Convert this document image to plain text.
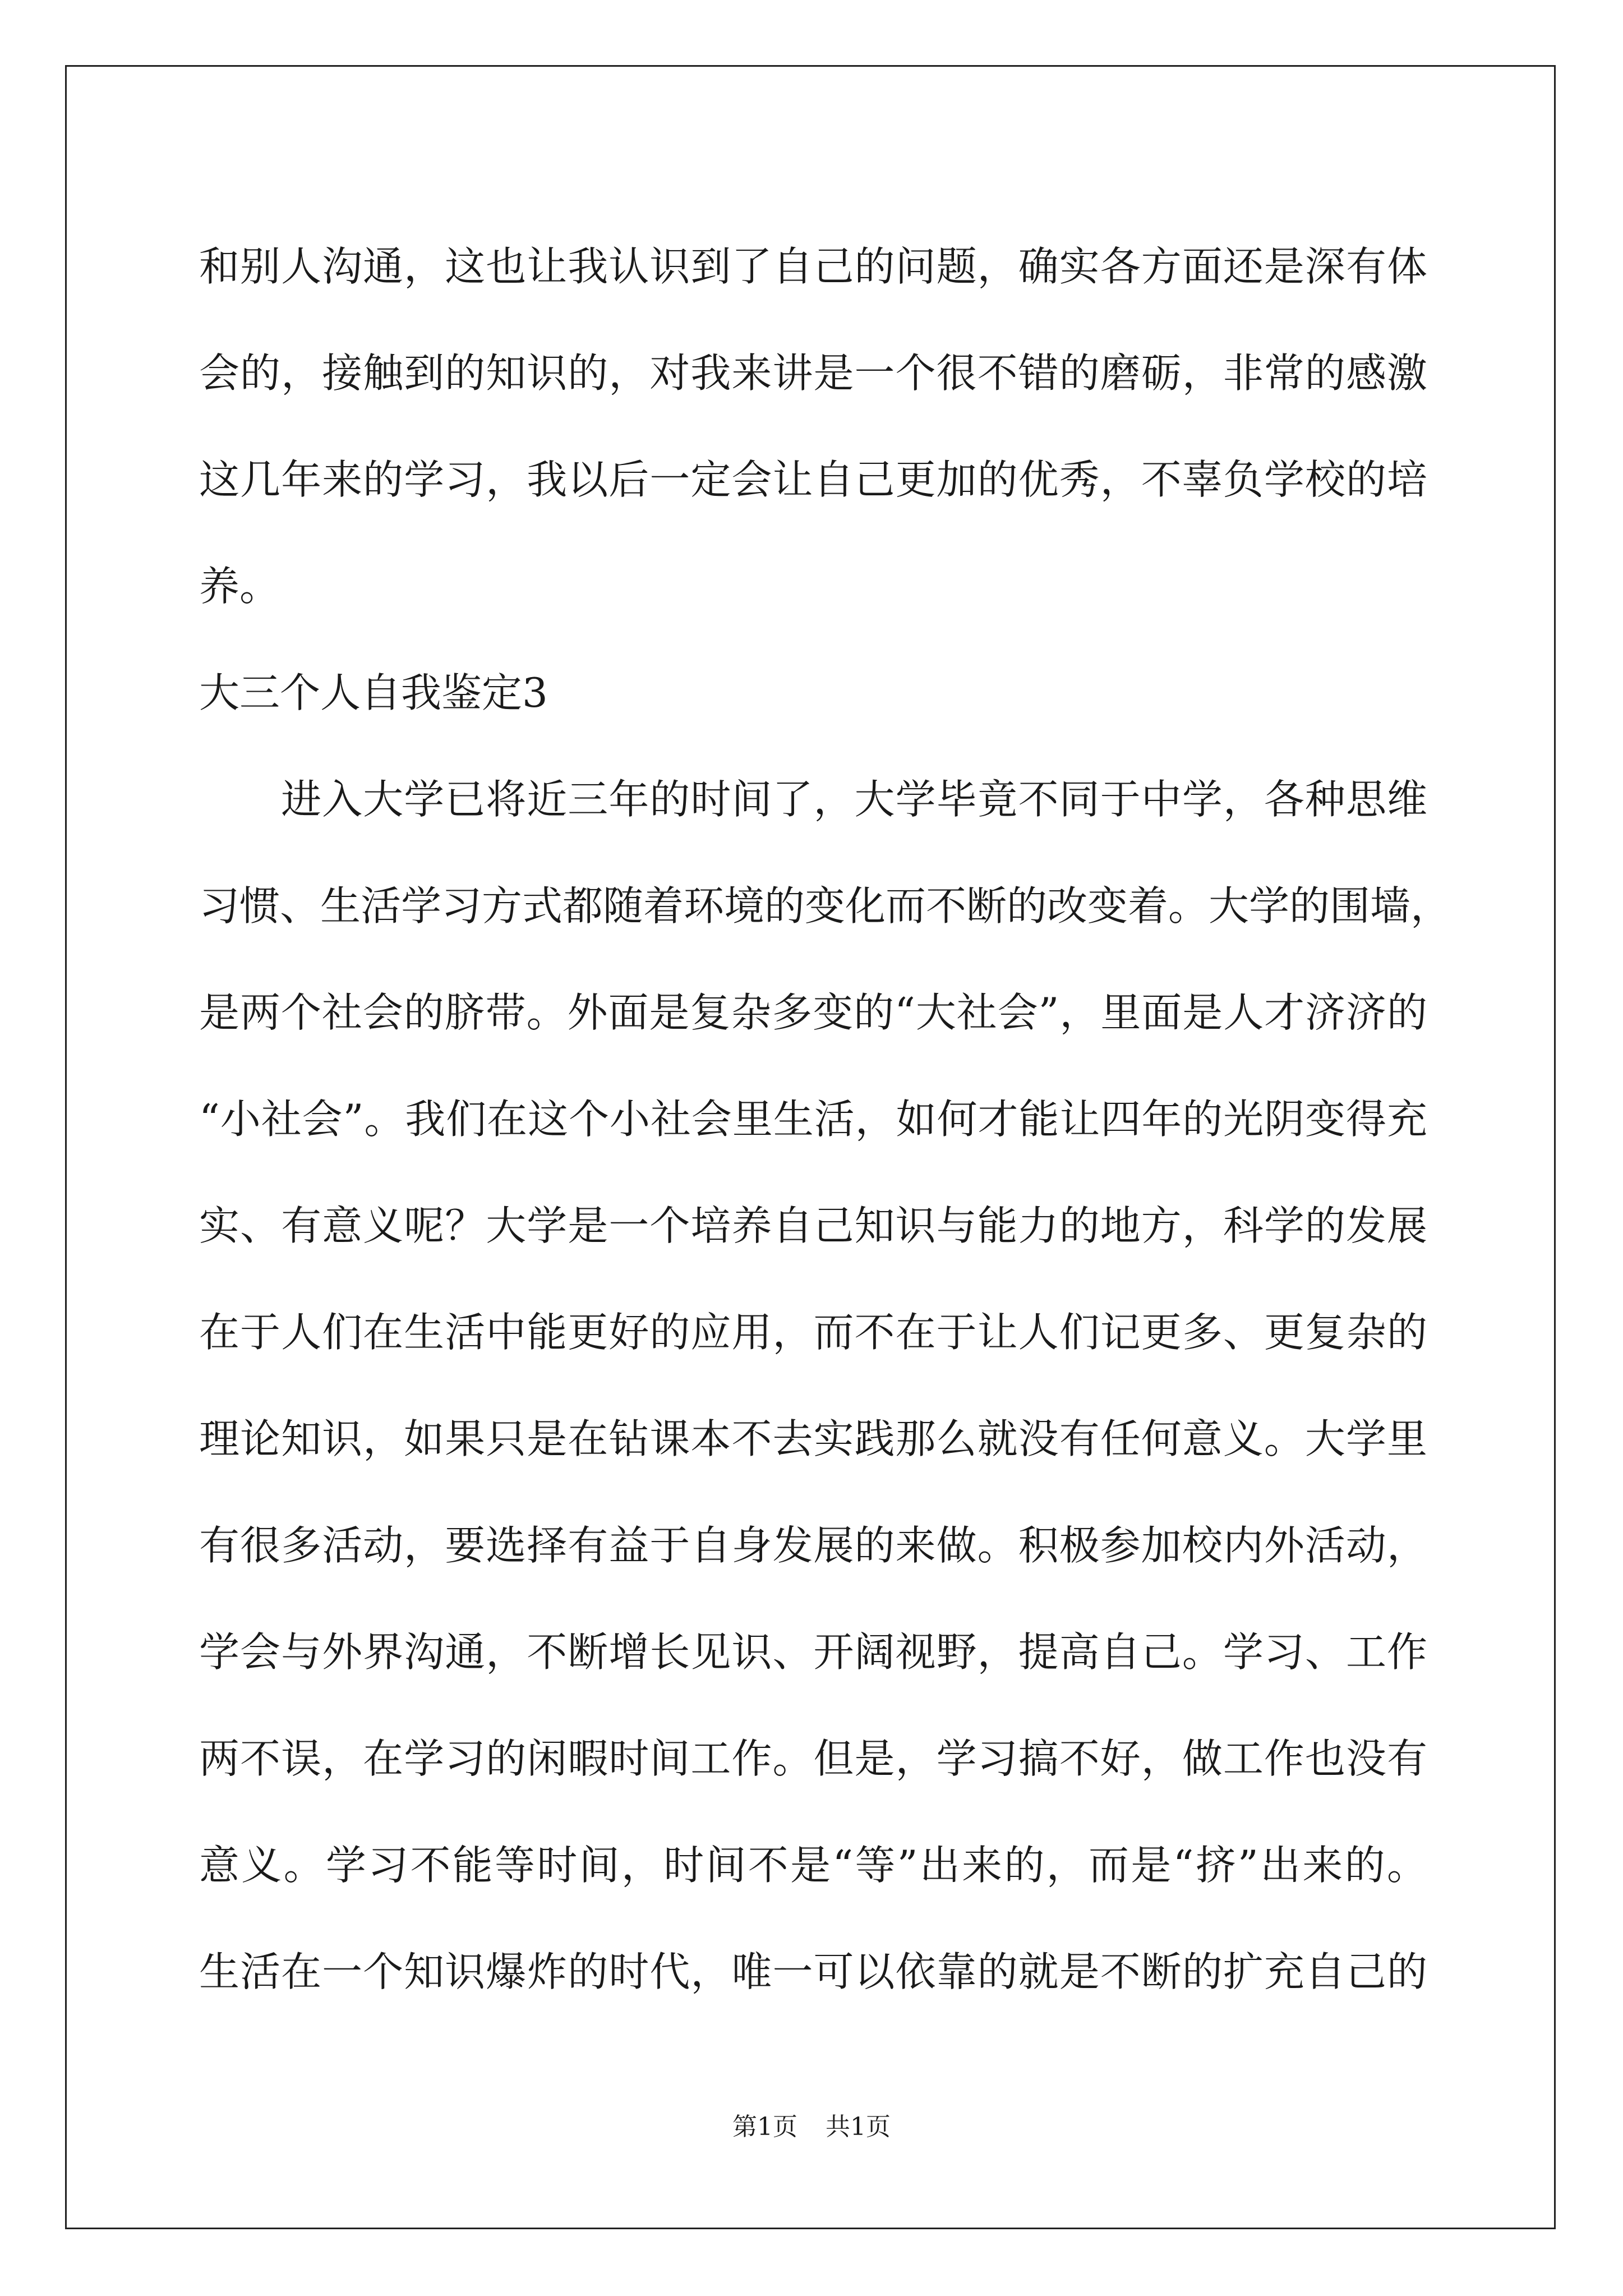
和别人沟通，这也让我认识到了自己的问题，确实各方面还是深有体
会的，接触到的知识的，对我来讲是一个很不错的磨砺，非常的感激
这几年来的学习，我以后一定会让自己更加的优秀，不辜负学校的培
养。
大三个人自我鉴定3
　　进入大学已将近三年的时间了，大学毕竟不同于中学，各种思维
习惯、生活学习方式都随着环境的变化而不断的改变着。大学的围墙，
是两个社会的脐带。外面是复杂多变的“大社会”，里面是人才济济的
“小社会”。我们在这个小社会里生活，如何才能让四年的光阴变得充
实、有意义呢？大学是一个培养自己知识与能力的地方，科学的发展
在于人们在生活中能更好的应用，而不在于让人们记更多、更复杂的
理论知识，如果只是在钻课本不去实践那么就没有任何意义。大学里
有很多活动，要选择有益于自身发展的来做。积极参加校内外活动，
学会与外界沟通，不断增长见识、开阔视野，提高自己。学习、工作
两不误，在学习的闲暇时间工作。但是，学习搞不好，做工作也没有
意义。学习不能等时间，时间不是“等”出来的，而是“挤”出来的。
生活在一个知识爆炸的时代，唯一可以依靠的就是不断的扩充自己的
第1页 共1页
